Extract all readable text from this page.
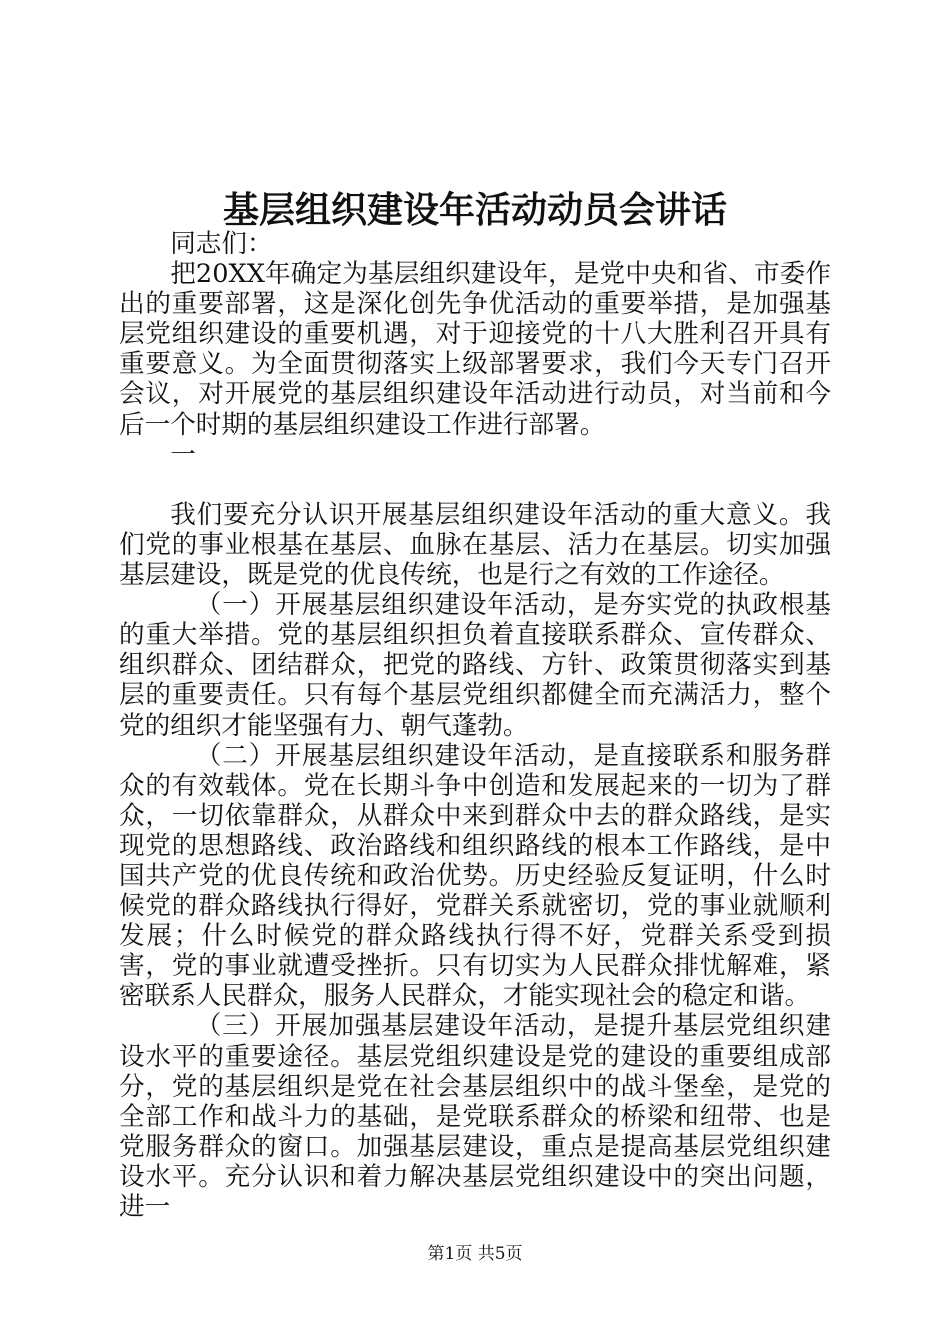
基层组织建设年活动动员会讲话

同志们：

把20XX年确定为基层组织建设年，是党中央和省、市委作出的重要部署，这是深化创先争优活动的重要举措，是加强基层党组织建设的重要机遇，对于迎接党的十八大胜利召开具有重要意义。为全面贯彻落实上级部署要求，我们今天专门召开会议，对开展党的基层组织建设年活动进行动员，对当前和今后一个时期的基层组织建设工作进行部署。

一

我们要充分认识开展基层组织建设年活动的重大意义。我们党的事业根基在基层、血脉在基层、活力在基层。切实加强基层建设，既是党的优良传统，也是行之有效的工作途径。

（一）开展基层组织建设年活动，是夯实党的执政根基的重大举措。党的基层组织担负着直接联系群众、宣传群众、组织群众、团结群众，把党的路线、方针、政策贯彻落实到基层的重要责任。只有每个基层党组织都健全而充满活力，整个党的组织才能坚强有力、朝气蓬勃。

（二）开展基层组织建设年活动，是直接联系和服务群众的有效载体。党在长期斗争中创造和发展起来的一切为了群众，一切依靠群众，从群众中来到群众中去的群众路线，是实现党的思想路线、政治路线和组织路线的根本工作路线，是中国共产党的优良传统和政治优势。历史经验反复证明，什么时候党的群众路线执行得好，党群关系就密切，党的事业就顺利发展；什么时候党的群众路线执行得不好，党群关系受到损害，党的事业就遭受挫折。只有切实为人民群众排忧解难，紧密联系人民群众，服务人民群众，才能实现社会的稳定和谐。

（三）开展加强基层建设年活动，是提升基层党组织建设水平的重要途径。基层党组织建设是党的建设的重要组成部分，党的基层组织是党在社会基层组织中的战斗堡垒，是党的全部工作和战斗力的基础，是党联系群众的桥梁和纽带、也是党服务群众的窗口。加强基层建设，重点是提高基层党组织建设水平。充分认识和着力解决基层党组织建设中的突出问题，进一

第1页 共5页
